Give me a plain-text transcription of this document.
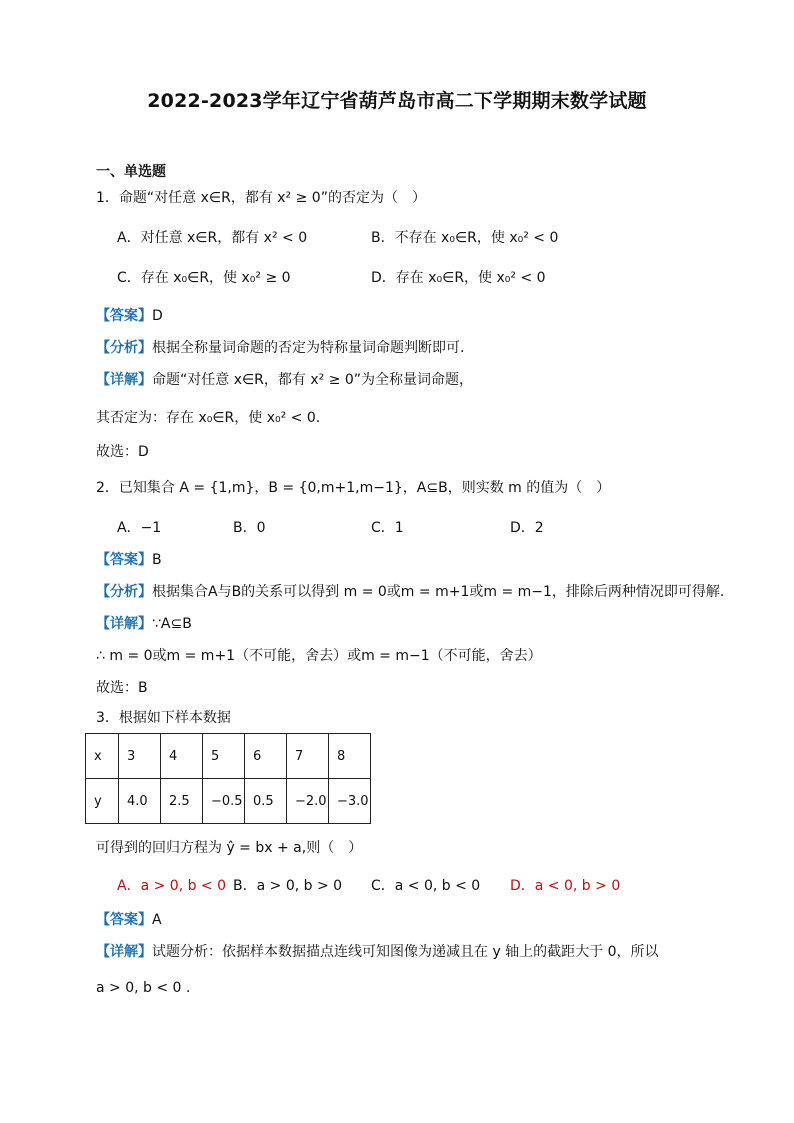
2022-2023学年辽宁省葫芦岛市高二下学期期末数学试题
一、单选题
1．命题“对任意 x∈R，都有 x² ≥ 0”的否定为（　）
A．对任意 x∈R，都有 x² < 0	B．不存在 x₀∈R，使 x₀² < 0
C．存在 x₀∈R，使 x₀² ≥ 0	D．存在 x₀∈R，使 x₀² < 0
【答案】D
【分析】根据全称量词命题的否定为特称量词命题判断即可.
【详解】命题“对任意 x∈R，都有 x² ≥ 0”为全称量词命题，
其否定为：存在 x₀∈R，使 x₀² < 0.
故选：D
2．已知集合 A = {1,m}，B = {0,m+1,m−1}，A⊆B，则实数 m 的值为（　）
A．−1	B．0	C．1	D．2
【答案】B
【分析】根据集合A与B的关系可以得到 m = 0或m = m+1或m = m−1，排除后两种情况即可得解.
【详解】∵A⊆B
∴ m = 0或m = m+1（不可能，舍去）或m = m−1（不可能，舍去）
故选：B
3．根据如下样本数据
x	3	4	5	6	7	8
y	4.0	2.5	−0.5	0.5	−2.0	−3.0
可得到的回归方程为 ŷ = bx + a,则（　）
A．a > 0, b < 0 B．a > 0, b > 0 C．a < 0, b < 0 D．a < 0, b > 0
【答案】A
【详解】试题分析：依据样本数据描点连线可知图像为递减且在 y 轴上的截距大于 0，所以
a > 0, b < 0 .
